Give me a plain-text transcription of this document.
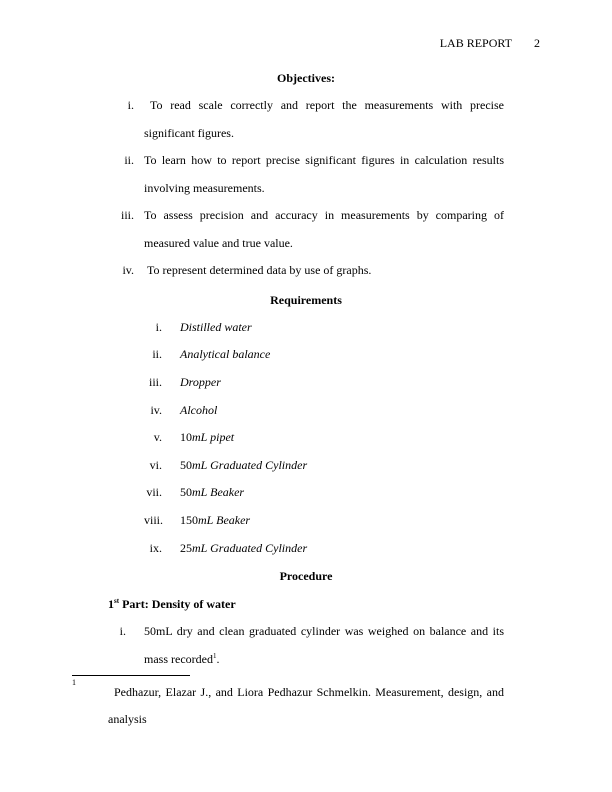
LAB REPORT 2
Objectives:
i.	To read scale correctly and report the measurements with precise significant figures.
ii. To learn how to report precise significant figures in calculation results involving measurements.
iii. To assess precision and accuracy in measurements by comparing of measured value and true value.
iv. To represent determined data by use of graphs.
Requirements
i. Distilled water
ii. Analytical balance
iii. Dropper
iv. Alcohol
v. 10mL pipet
vi. 50mL Graduated Cylinder
vii. 50mL Beaker
viii. 150mL Beaker
ix. 25mL Graduated Cylinder
Procedure
1st Part: Density of water
i. 50mL dry and clean graduated cylinder was weighed on balance and its mass recorded$^1$.
1
Pedhazur, Elazar J., and Liora Pedhazur Schmelkin. Measurement, design, and analysis
